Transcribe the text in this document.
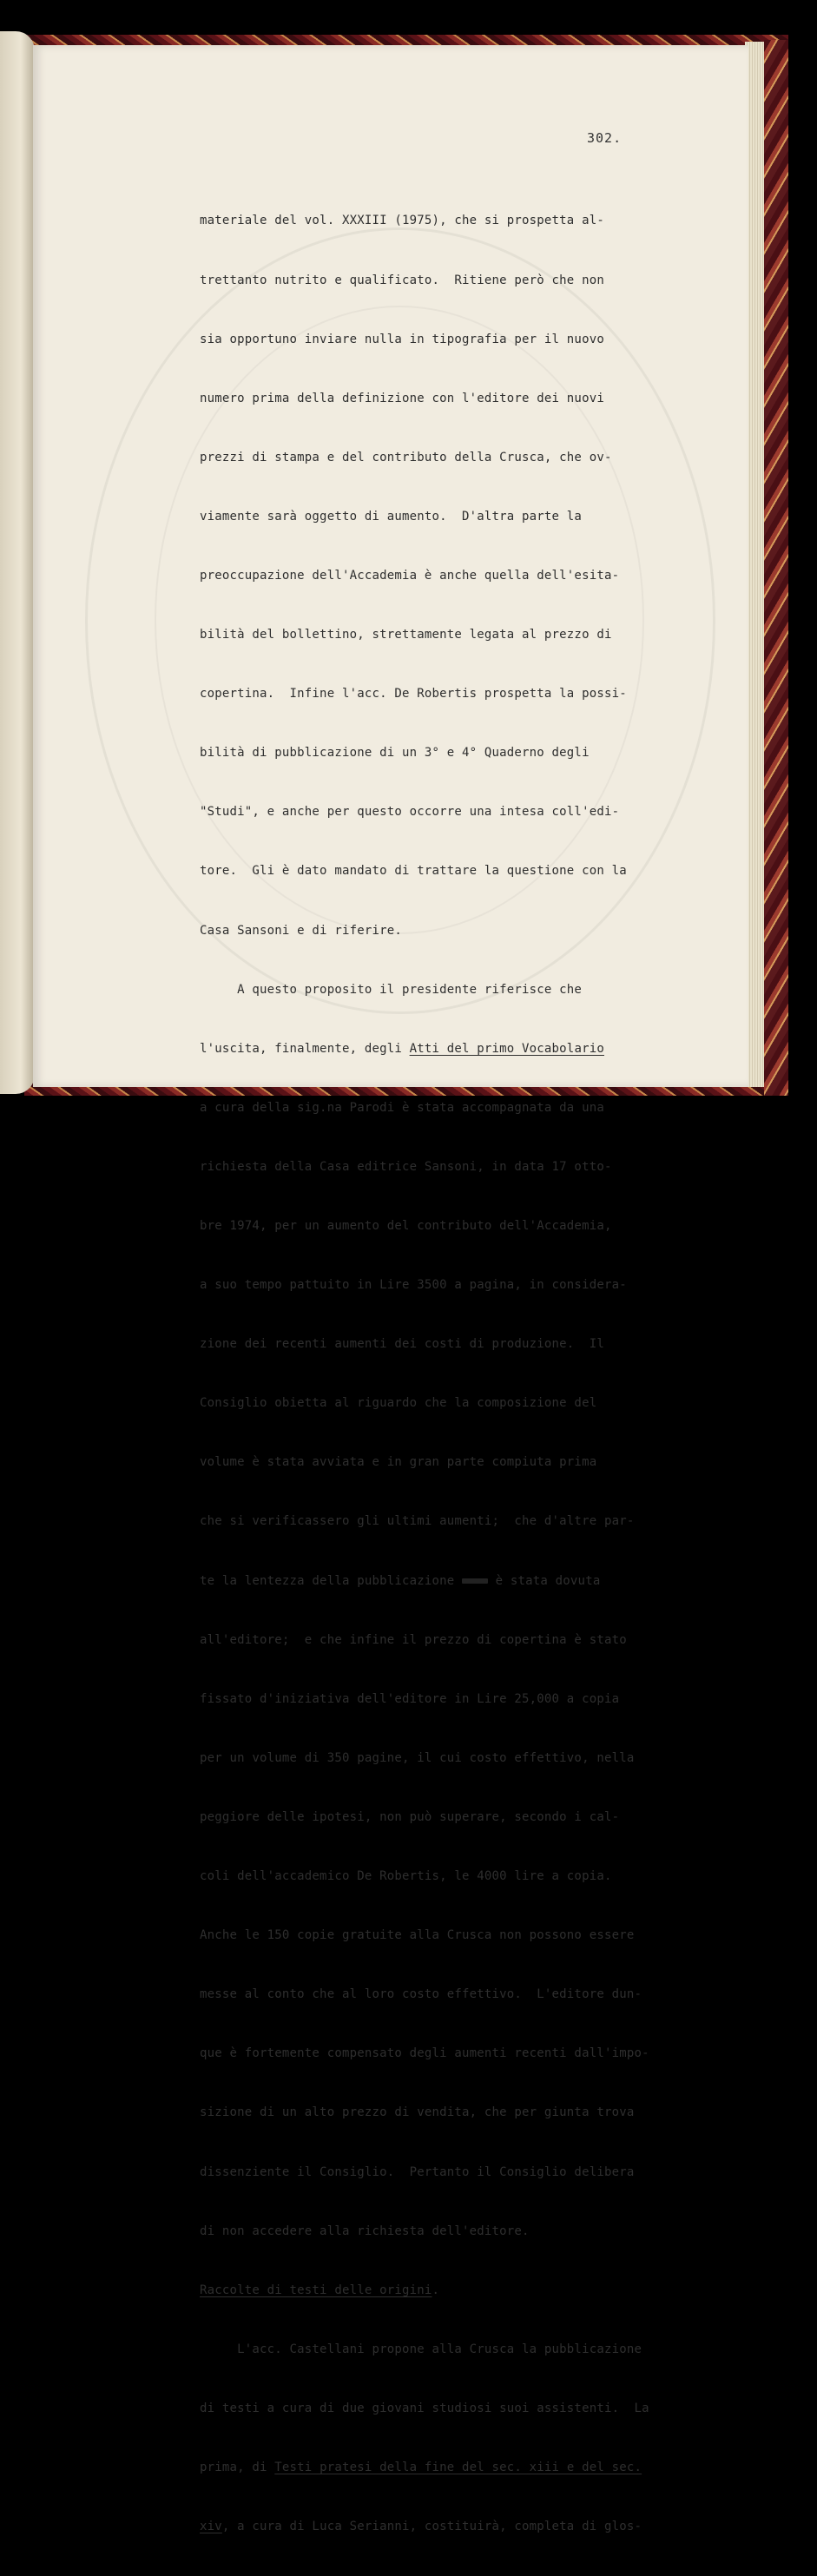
302.

materiale del vol. XXXIII (1975), che si prospetta al-

trettanto nutrito e qualificato.  Ritiene però che non

sia opportuno inviare nulla in tipografia per il nuovo

numero prima della definizione con l'editore dei nuovi

prezzi di stampa e del contributo della Crusca, che ov-

viamente sarà oggetto di aumento.  D'altra parte la

preoccupazione dell'Accademia è anche quella dell'esita-

bilità del bollettino, strettamente legata al prezzo di

copertina.  Infine l'acc. De Robertis prospetta la possi-

bilità di pubblicazione di un 3° e 4° Quaderno degli

"Studi", e anche per questo occorre una intesa coll'edi-

tore.  Gli è dato mandato di trattare la questione con la

Casa Sansoni e di riferire.

A questo proposito il presidente riferisce che

l'uscita, finalmente, degli Atti del primo Vocabolario

a cura della sig.na Parodi è stata accompagnata da una

richiesta della Casa editrice Sansoni, in data 17 otto-

bre 1974, per un aumento del contributo dell'Accademia,

a suo tempo pattuito in Lire 3500 a pagina, in considera-

zione dei recenti aumenti dei costi di produzione.  Il

Consiglio obietta al riguardo che la composizione del

volume è stata avviata e in gran parte compiuta prima

che si verificassero gli ultimi aumenti;  che d'altre par-

te la lentezza della pubblicazione  è stata dovuta

all'editore;  e che infine il prezzo di copertina è stato

fissato d'iniziativa dell'editore in Lire 25,000 a copia

per un volume di 350 pagine, il cui costo effettivo, nella

peggiore delle ipotesi, non può superare, secondo i cal-

coli dell'accademico De Robertis, le 4000 lire a copia.

Anche le 150 copie gratuite alla Crusca non possono essere

messe al conto che al loro costo effettivo.  L'editore dun-

que è fortemente compensato degli aumenti recenti dall'impo-

sizione di un alto prezzo di vendita, che per giunta trova

dissenziente il Consiglio.  Pertanto il Consiglio delibera

di non accedere alla richiesta dell'editore.

Raccolte di testi delle origini.

L'acc. Castellani propone alla Crusca la pubblicazione

di testi a cura di due giovani studiosi suoi assistenti.  La

prima, di Testi pratesi della fine del sec. xiii e del sec.

xiv, a cura di Luca Serianni, costituirà, completa di glos-
